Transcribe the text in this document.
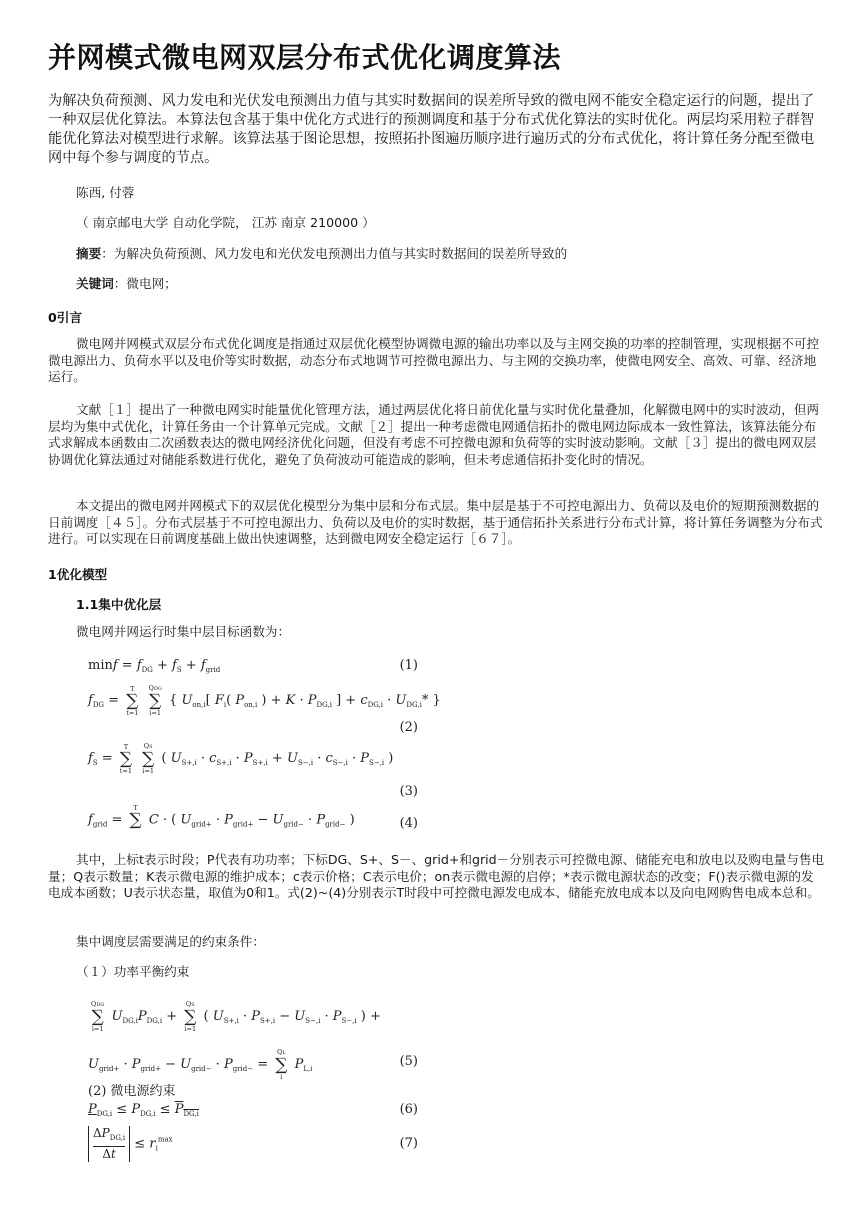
并网模式微电网双层分布式优化调度算法
为解决负荷预测、风力发电和光伏发电预测出力值与其实时数据间的误差所导致的微电网不能安全稳定运行的问题，提出了一种双层优化算法。本算法包含基于集中优化方式进行的预测调度和基于分布式优化算法的实时优化。两层均采用粒子群智能优化算法对模型进行求解。该算法基于图论思想，按照拓扑图遍历顺序进行遍历式的分布式优化，将计算任务分配至微电网中每个参与调度的节点。
陈西, 付蓉
（ 南京邮电大学 自动化学院， 江苏 南京 210000 ）
摘要：为解决负荷预测、风力发电和光伏发电预测出力值与其实时数据间的误差所导致的
关键词：微电网；
0引言
微电网并网模式双层分布式优化调度是指通过双层优化模型协调微电源的输出功率以及与主网交换的功率的控制管理，实现根据不可控微电源出力、负荷水平以及电价等实时数据，动态分布式地调节可控微电源出力、与主网的交换功率，使微电网安全、高效、可靠、经济地运行。
文献［１］提出了一种微电网实时能量优化管理方法，通过两层优化将日前优化量与实时优化量叠加，化解微电网中的实时波动，但两层均为集中式优化，计算任务由一个计算单元完成。文献［２］提出一种考虑微电网通信拓扑的微电网边际成本一致性算法，该算法能分布式求解成本函数由二次函数表达的微电网经济优化问题，但没有考虑不可控微电源和负荷等的实时波动影响。文献［３］提出的微电网双层协调优化算法通过对储能系数进行优化，避免了负荷波动可能造成的影响，但未考虑通信拓扑变化时的情况。
本文提出的微电网并网模式下的双层优化模型分为集中层和分布式层。集中层是基于不可控电源出力、负荷以及电价的短期预测数据的日前调度［４５］。分布式层基于不可控电源出力、负荷以及电价的实时数据，基于通信拓扑关系进行分布式计算，将计算任务调整为分布式进行。可以实现在日前调度基础上做出快速调整，达到微电网安全稳定运行［６７］。
1优化模型
1.1集中优化层
微电网并网运行时集中层目标函数为：
$\min f = f_{DG} + f_S + f_{grid}$	(1)
$f_{DG}$ =
T
∑
t=1

QDG
∑
i=1
{ $U_{on,i}$[ $F_i$( $P_{on,i}$ ) + $K \cdot P_{DG,i}$ ] + $c_{DG,i} \cdot U_{DG,i}*$ }
(2)
$f_S$ =
T
∑
t=1

QS
∑
i=1
( $U_{S+,i} \cdot c_{S+,i} \cdot P_{S+,i} + U_{S-,i} \cdot c_{S-,i} \cdot P_{S-,i}$ )
(3)
$f_{grid}$ =
T
∑
C · ( $U_{grid+} \cdot P_{grid+} - U_{grid-} \cdot P_{grid-}$ )	(4)
其中，上标t表示时段；P代表有功功率；下标DG、S+、S－、grid+和grid－分别表示可控微电源、储能充电和放电以及购电量与售电量；Q表示数量；K表示微电源的维护成本；c表示价格；C表示电价；on表示微电源的启停；*表示微电源状态的改变；F()表示微电源的发电成本函数；U表示状态量，取值为0和1。式(2)~(4)分别表示T时段中可控微电源发电成本、储能充放电成本以及向电网购售电成本总和。
集中调度层需要满足的约束条件：
（１）功率平衡约束
QDG
∑
i=1
$U_{DG,i}P_{DG,i}$ +
QS
∑
i=1
( $U_{S+,i} \cdot P_{S+,i} - U_{S-,i} \cdot P_{S-,i}$ ) +
$U_{grid+} \cdot P_{grid+} - U_{grid-} \cdot P_{grid-}$ =
QL
∑
i
$P_{L,i}$	(5)
(2) 微电源约束
$P_{DG,i} \le P_{DG,i} \le \overline{P}_{DG,i}$	(6)
$\Delta P_{DG,i}$
Δt
≤ $r_i^{max}$	(7)
